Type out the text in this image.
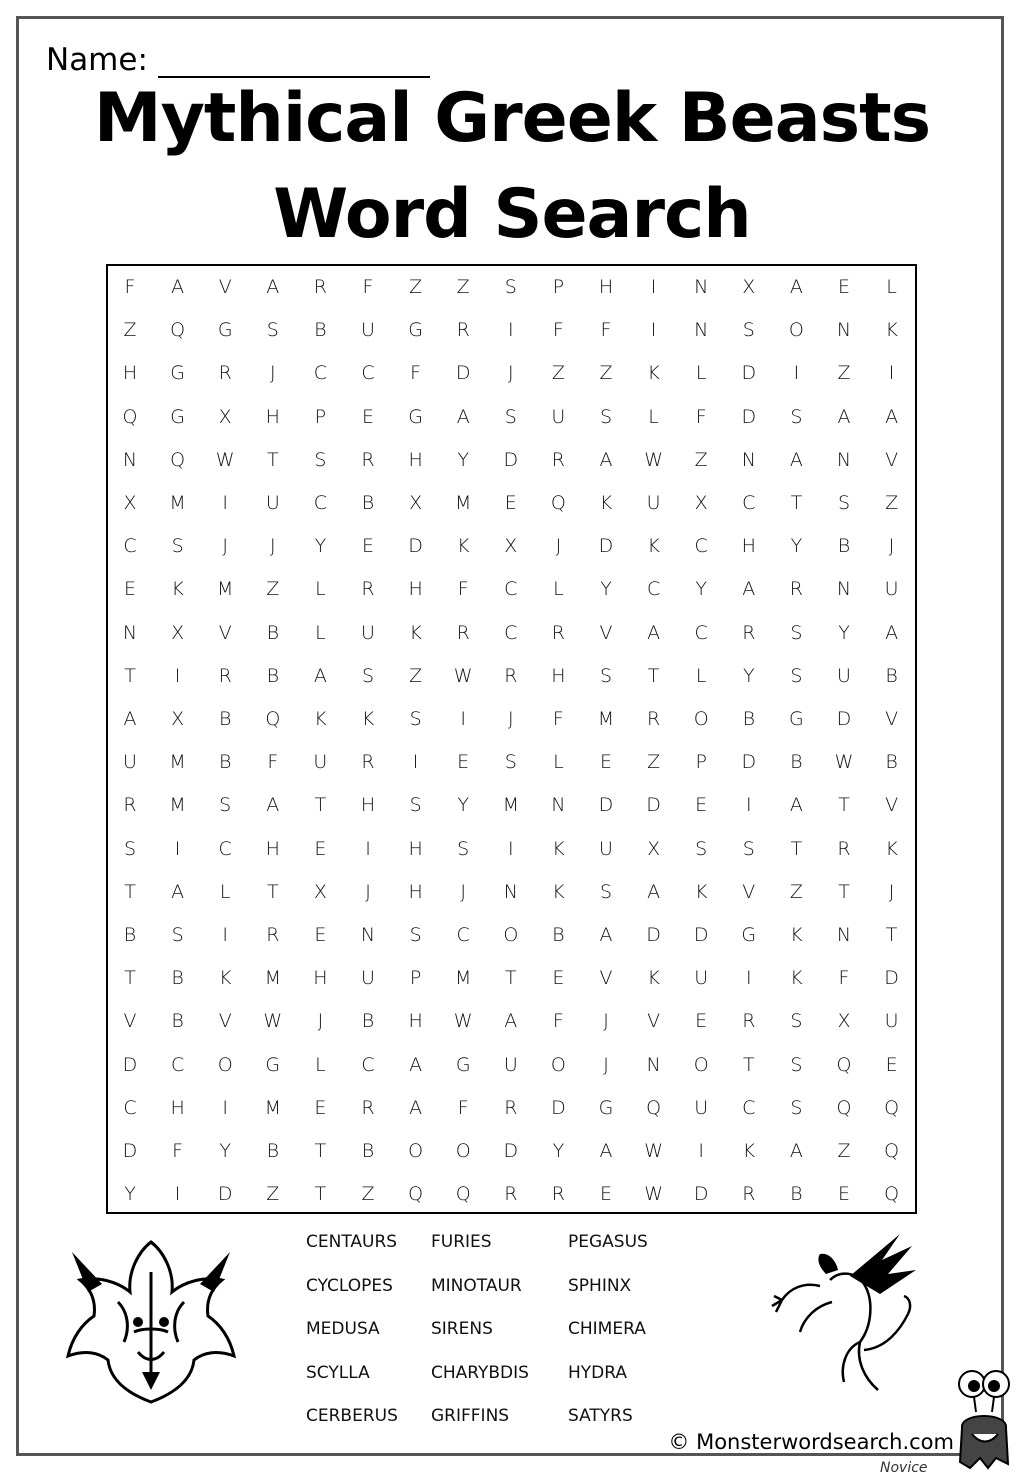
Name:
Mythical Greek Beasts
Word Search
F	A	V	A	R	F	Z	Z	S	P	H	I	N	X	A	E	L
Z	Q	G	S	B	U	G	R	I	F	F	I	N	S	O	N	K
H	G	R	J	C	C	F	D	J	Z	Z	K	L	D	I	Z	I
Q	G	X	H	P	E	G	A	S	U	S	L	F	D	S	A	A
N	Q	W	T	S	R	H	Y	D	R	A	W	Z	N	A	N	V
X	M	I	U	C	B	X	M	E	Q	K	U	X	C	T	S	Z
C	S	J	J	Y	E	D	K	X	J	D	K	C	H	Y	B	J
E	K	M	Z	L	R	H	F	C	L	Y	C	Y	A	R	N	U
N	X	V	B	L	U	K	R	C	R	V	A	C	R	S	Y	A
T	I	R	B	A	S	Z	W	R	H	S	T	L	Y	S	U	B
A	X	B	Q	K	K	S	I	J	F	M	R	O	B	G	D	V
U	M	B	F	U	R	I	E	S	L	E	Z	P	D	B	W	B
R	M	S	A	T	H	S	Y	M	N	D	D	E	I	A	T	V
S	I	C	H	E	I	H	S	I	K	U	X	S	S	T	R	K
T	A	L	T	X	J	H	J	N	K	S	A	K	V	Z	T	J
B	S	I	R	E	N	S	C	O	B	A	D	D	G	K	N	T
T	B	K	M	H	U	P	M	T	E	V	K	U	I	K	F	D
V	B	V	W	J	B	H	W	A	F	J	V	E	R	S	X	U
D	C	O	G	L	C	A	G	U	O	J	N	O	T	S	Q	E
C	H	I	M	E	R	A	F	R	D	G	Q	U	C	S	Q	Q
D	F	Y	B	T	B	O	O	D	Y	A	W	I	K	A	Z	Q
Y	I	D	Z	T	Z	Q	Q	R	R	E	W	D	R	B	E	Q
CENTAURS FURIES	PEGASUS
CYCLOPES MINOTAUR	SPHINX
MEDUSA	SIRENS	CHIMERA
SCYLLA	CHARYBDIS HYDRA
CERBERUS GRIFFINS	SATYRS
© Monsterwordsearch.com
Novice
